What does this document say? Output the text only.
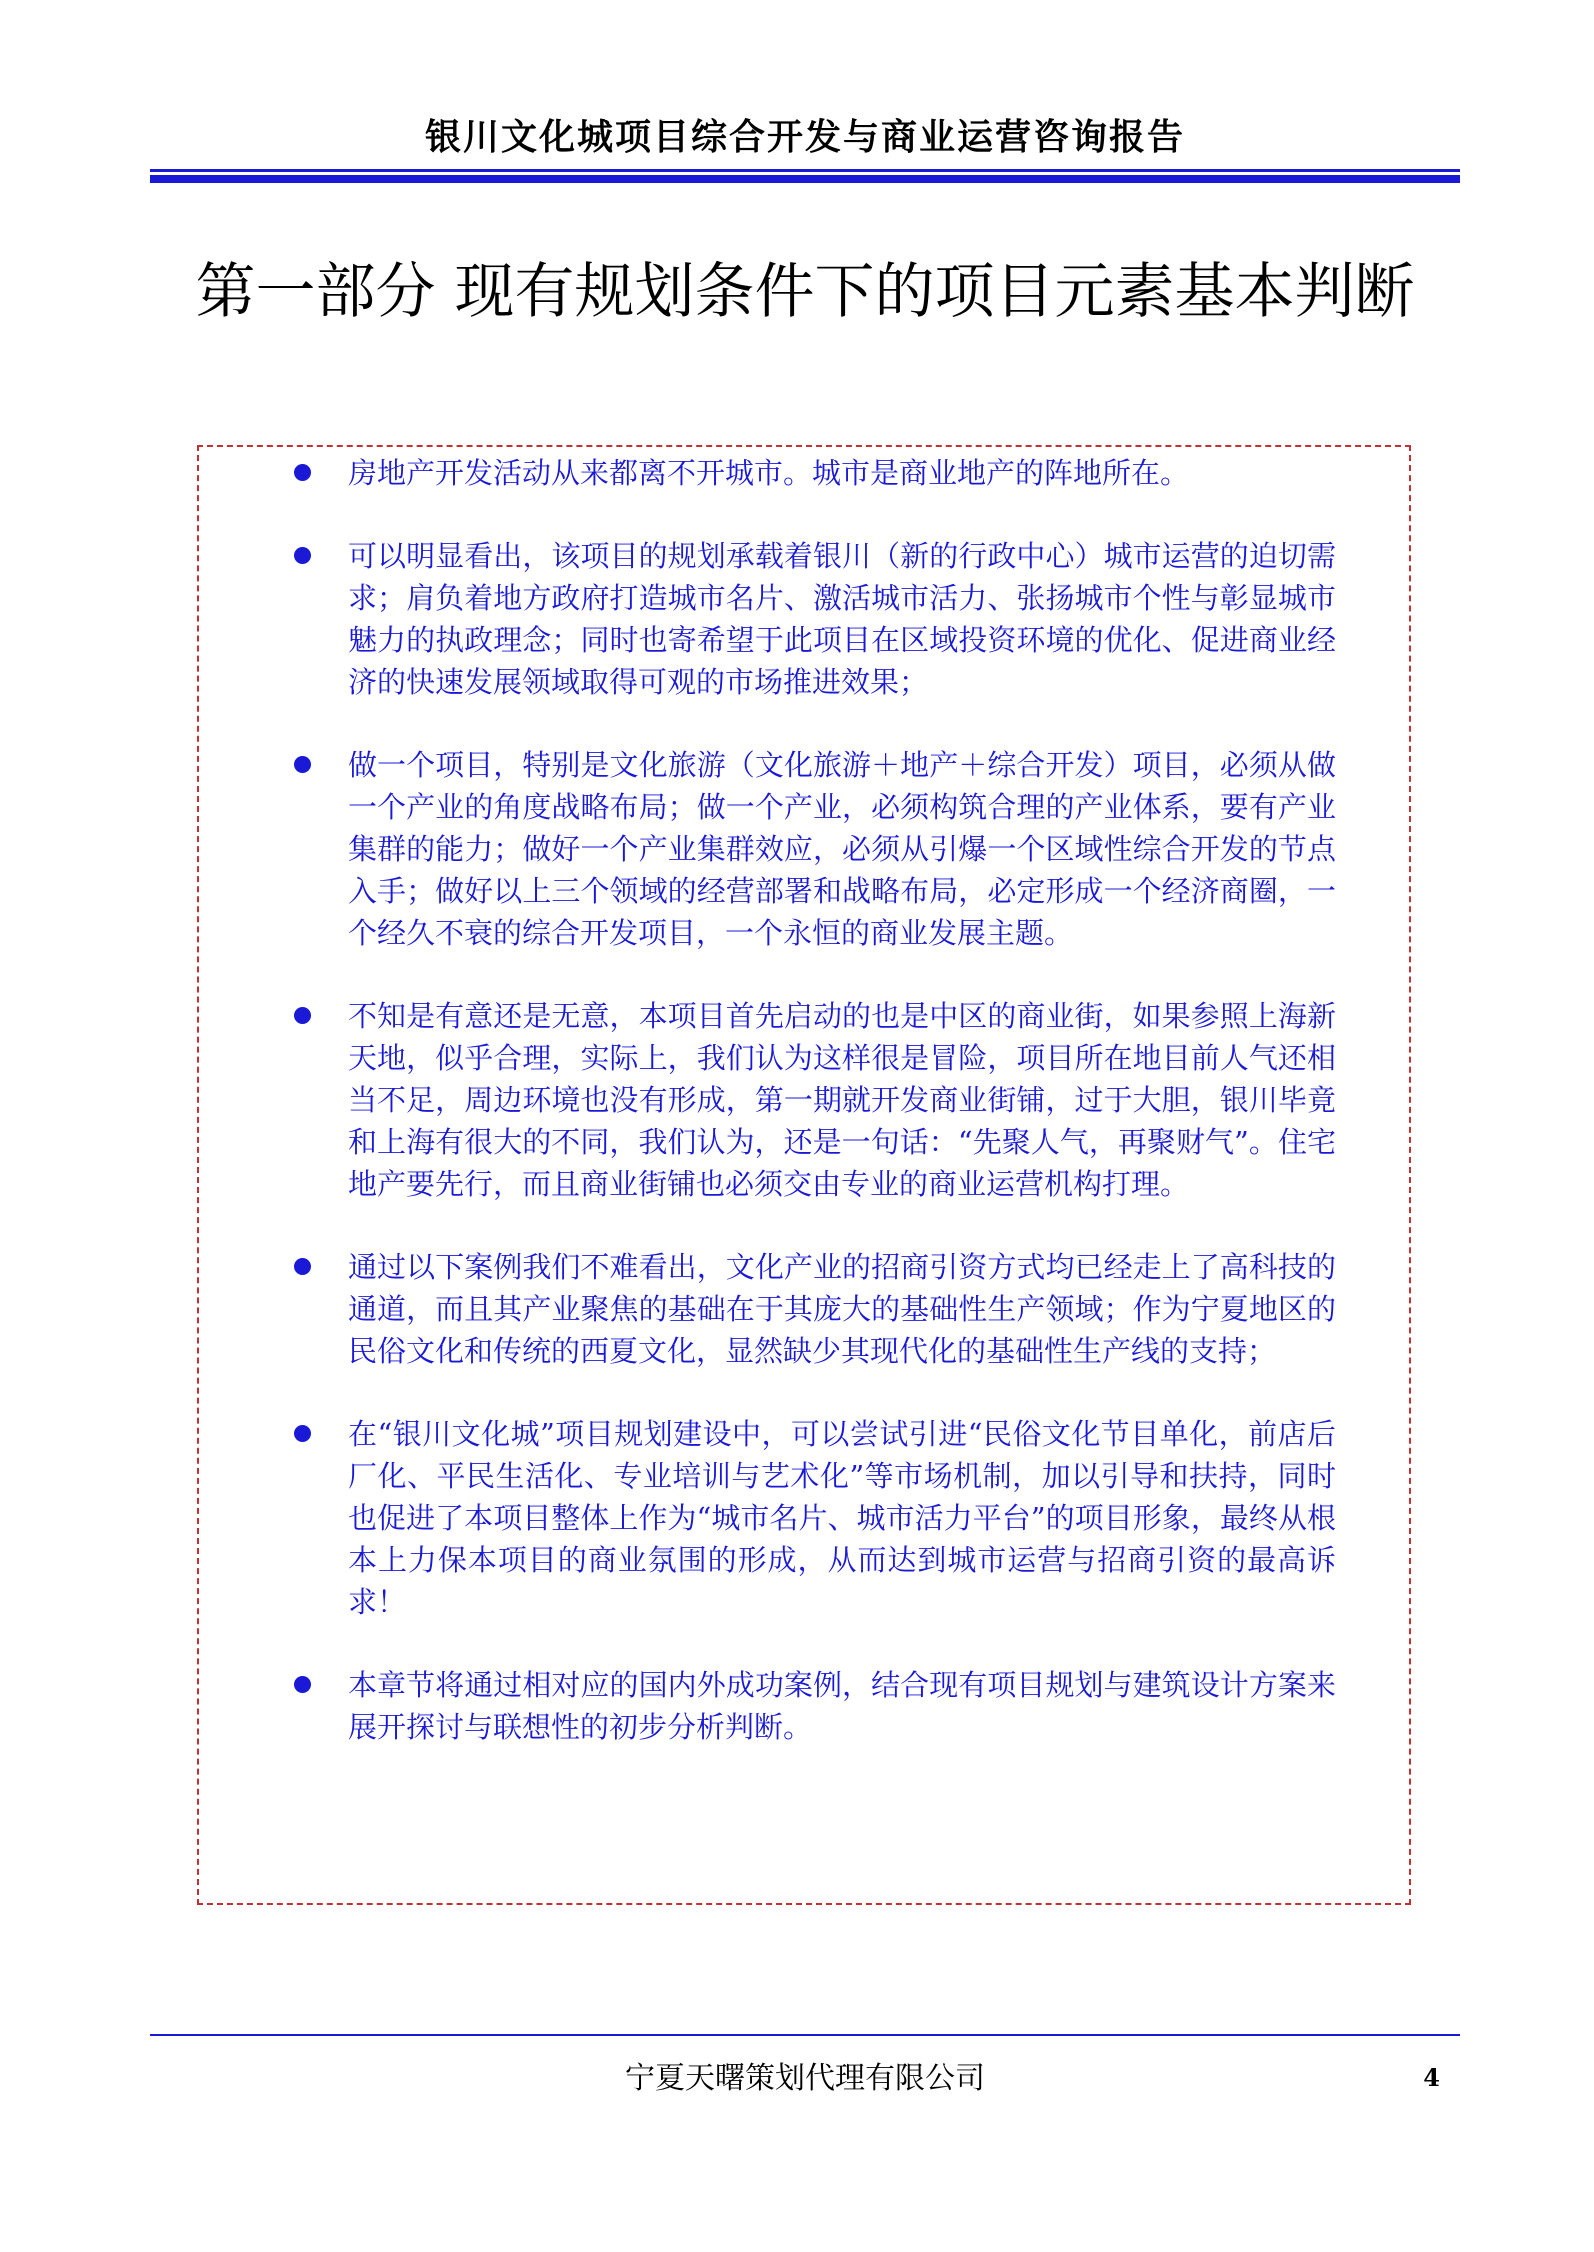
银川文化城项目综合开发与商业运营咨询报告
第一部分 现有规划条件下的项目元素基本判断
房地产开发活动从来都离不开城市。城市是商业地产的阵地所在。
可以明显看出，该项目的规划承载着银川（新的行政中心）城市运营的迫切需求；肩负着地方政府打造城市名片、激活城市活力、张扬城市个性与彰显城市魅力的执政理念；同时也寄希望于此项目在区域投资环境的优化、促进商业经济的快速发展领域取得可观的市场推进效果；
做一个项目，特别是文化旅游（文化旅游＋地产＋综合开发）项目，必须从做一个产业的角度战略布局；做一个产业，必须构筑合理的产业体系，要有产业集群的能力；做好一个产业集群效应，必须从引爆一个区域性综合开发的节点入手；做好以上三个领域的经营部署和战略布局，必定形成一个经济商圈，一个经久不衰的综合开发项目，一个永恒的商业发展主题。
不知是有意还是无意，本项目首先启动的也是中区的商业街，如果参照上海新天地，似乎合理，实际上，我们认为这样很是冒险，项目所在地目前人气还相当不足，周边环境也没有形成，第一期就开发商业街铺，过于大胆，银川毕竟和上海有很大的不同，我们认为，还是一句话：“先聚人气，再聚财气”。住宅地产要先行，而且商业街铺也必须交由专业的商业运营机构打理。
通过以下案例我们不难看出，文化产业的招商引资方式均已经走上了高科技的通道，而且其产业聚焦的基础在于其庞大的基础性生产领域；作为宁夏地区的民俗文化和传统的西夏文化，显然缺少其现代化的基础性生产线的支持；
在“银川文化城”项目规划建设中，可以尝试引进“民俗文化节目单化，前店后厂化、平民生活化、专业培训与艺术化”等市场机制，加以引导和扶持，同时也促进了本项目整体上作为“城市名片、城市活力平台”的项目形象，最终从根本上力保本项目的商业氛围的形成，从而达到城市运营与招商引资的最高诉求！
本章节将通过相对应的国内外成功案例，结合现有项目规划与建筑设计方案来展开探讨与联想性的初步分析判断。
宁夏天曙策划代理有限公司	4
